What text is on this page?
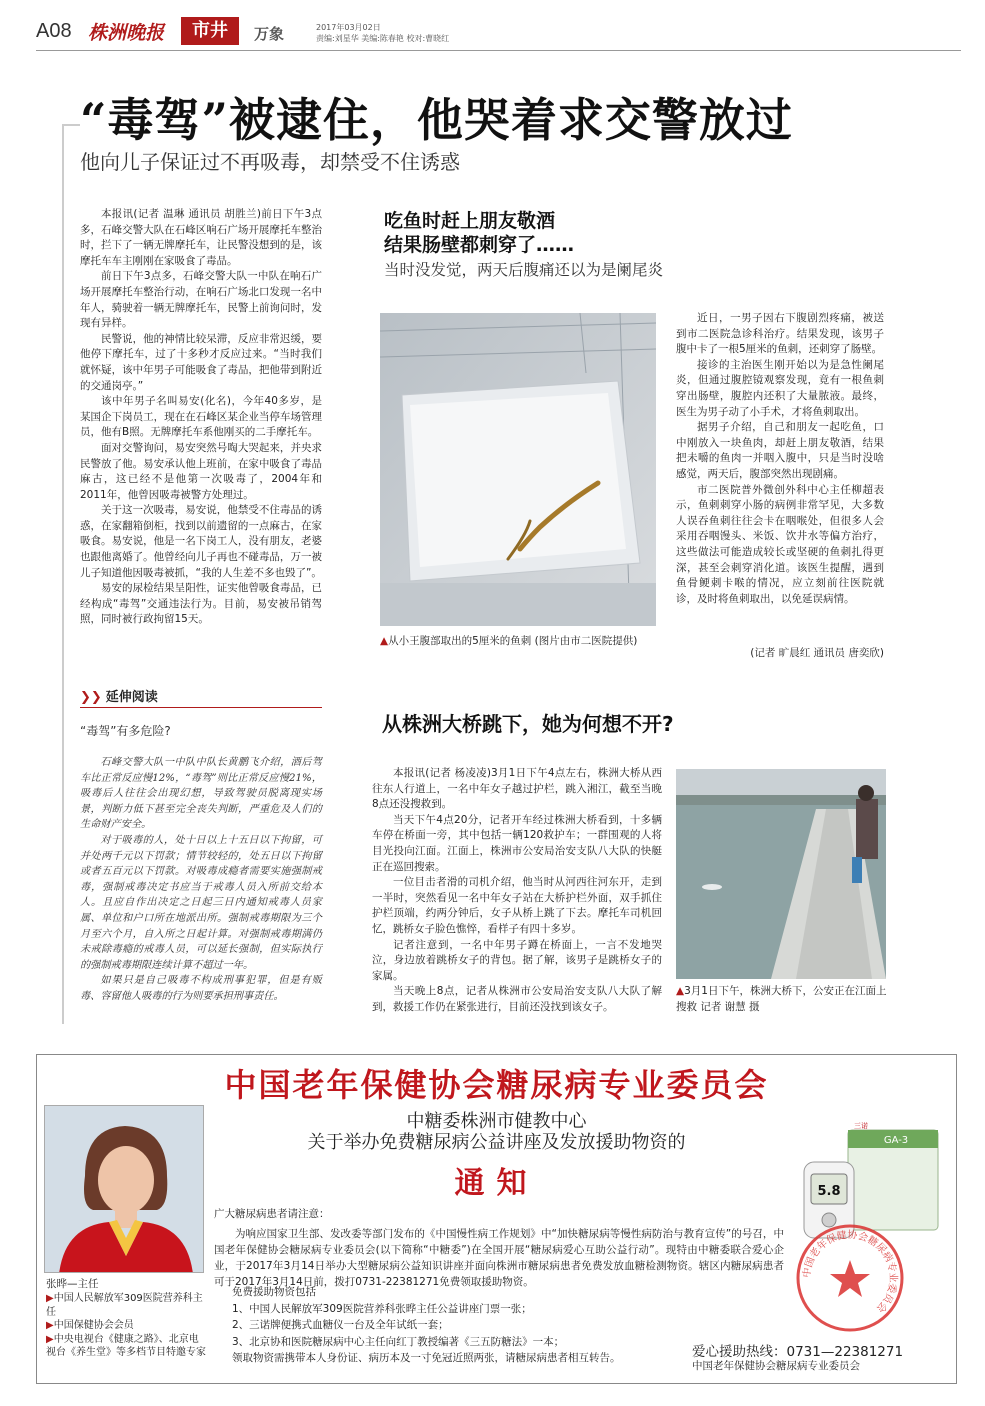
A08 株洲晚报	市井	万象	2017年03月02日
责编:刘星华 美编:陈春艳 校对:曹晓红
“毒驾”被逮住，他哭着求交警放过
他向儿子保证过不再吸毒，却禁受不住诱惑

本报讯(记者 温琳 通讯员 胡胜兰)前日下午3点多，石峰交警大队在石峰区响石广场开展摩托车整治时，拦下了一辆无牌摩托车，让民警没想到的是，该摩托车车主刚刚在家吸食了毒品。

前日下午3点多，石峰交警大队一中队在响石广场开展摩托车整治行动，在响石广场北口发现一名中年人，骑驶着一辆无牌摩托车，民警上前询问时，发现有异样。

民警说，他的神情比较呆滞，反应非常迟缓，要他停下摩托车，过了十多秒才反应过来。“当时我们就怀疑，该中年男子可能吸食了毒品，把他带到附近的交通岗亭。”

该中年男子名叫易安(化名)，今年40多岁，是某国企下岗员工，现在在石峰区某企业当停车场管理员，他有B照。无牌摩托车系他刚买的二手摩托车。

面对交警询问，易安突然号啕大哭起来，并央求民警放了他。易安承认他上班前，在家中吸食了毒品麻古，这已经不是他第一次吸毒了，2004年和2011年，他曾因吸毒被警方处理过。

关于这一次吸毒，易安说，他禁受不住毒品的诱惑，在家翻箱倒柜，找到以前遗留的一点麻古，在家吸食。易安说，他是一名下岗工人，没有朋友，老婆也跟他离婚了。他曾经向儿子再也不碰毒品，万一被儿子知道他因吸毒被抓，“我的人生差不多也毁了”。

易安的尿检结果呈阳性，证实他曾吸食毒品，已经构成“毒驾”交通违法行为。目前，易安被吊销驾照，同时被行政拘留15天。

❯❯ 延伸阅读
“毒驾”有多危险?

石峰交警大队一中队中队长黄鹏飞介绍，酒后驾车比正常反应慢12%，“毒驾”则比正常反应慢21%，吸毒后人往往会出现幻想，导致驾驶员脱离现实场景，判断力低下甚至完全丧失判断，严重危及人们的生命财产安全。

对于吸毒的人，处十日以上十五日以下拘留，可并处两千元以下罚款；情节较轻的，处五日以下拘留或者五百元以下罚款。对吸毒成瘾者需要实施强制戒毒，强制戒毒决定书应当于戒毒人员入所前交给本人。且应自作出决定之日起三日内通知戒毒人员家属、单位和户口所在地派出所。强制戒毒期限为三个月至六个月，自入所之日起计算。对强制戒毒期满仍未戒除毒瘾的戒毒人员，可以延长强制，但实际执行的强制戒毒期限连续计算不超过一年。

如果只是自己吸毒不构成刑事犯罪，但是有贩毒、容留他人吸毒的行为则要承担刑事责任。

吃鱼时赶上朋友敬酒
结果肠壁都刺穿了……
当时没发觉，两天后腹痛还以为是阑尾炎
▲从小王腹部取出的5厘米的鱼刺 (图片由市二医院提供)

近日，一男子因右下腹剧烈疼痛，被送到市二医院急诊科治疗。结果发现，该男子腹中卡了一根5厘米的鱼刺，还刺穿了肠壁。

接诊的主治医生刚开始以为是急性阑尾炎，但通过腹腔镜观察发现，竟有一根鱼刺穿出肠壁，腹腔内还积了大量脓液。最终，医生为男子动了小手术，才将鱼刺取出。

据男子介绍，自己和朋友一起吃鱼，口中刚放入一块鱼肉，却赶上朋友敬酒，结果把未嚼的鱼肉一并咽入腹中，只是当时没啥感觉，两天后，腹部突然出现剧痛。

市二医院普外微创外科中心主任柳超表示，鱼刺刺穿小肠的病例非常罕见，大多数人误吞鱼刺往往会卡在咽喉处，但很多人会采用吞咽馒头、米饭、饮井水等偏方治疗，这些做法可能造成较长或坚硬的鱼刺扎得更深，甚至会刺穿消化道。该医生提醒，遇到鱼骨鲠刺卡喉的情况，应立刻前往医院就诊，及时将鱼刺取出，以免延误病情。

(记者 旷晨红 通讯员 唐奕欣)
从株洲大桥跳下，她为何想不开?

本报讯(记者 杨凌凌)3月1日下午4点左右，株洲大桥从西往东人行道上，一名中年女子越过护栏，跳入湘江，截至当晚8点还没搜救到。

当天下午4点20分，记者开车经过株洲大桥看到，十多辆车停在桥面一旁，其中包括一辆120救护车；一群围观的人将目光投向江面。江面上，株洲市公安局治安支队八大队的快艇正在巡回搜索。

一位目击者滑的司机介绍，他当时从河西往河东开，走到一半时，突然看见一名中年女子站在大桥护栏外面，双手抓住护栏顶端，约两分钟后，女子从桥上跳了下去。摩托车司机回忆，跳桥女子脸色憔悴，看样子有四十多岁。

记者注意到，一名中年男子蹲在桥面上，一言不发地哭泣，身边放着跳桥女子的背包。据了解，该男子是跳桥女子的家属。

当天晚上8点，记者从株洲市公安局治安支队八大队了解到，救援工作仍在紧张进行，目前还没找到该女子。

▲3月1日下午，株洲大桥下，公安正在江面上搜救 记者 谢慧 摄
中国老年保健协会糖尿病专业委员会
中糖委株洲市健教中心
关于举办免费糖尿病公益讲座及发放援助物资的
通知
广大糖尿病患者请注意：

为响应国家卫生部、发改委等部门发布的《中国慢性病工作规划》中“加快糖尿病等慢性病防治与教育宣传”的号召，中国老年保健协会糖尿病专业委员会(以下简称“中糖委”)在全国开展“糖尿病爱心互助公益行动”。现特由中糖委联合爱心企业，于2017年3月14日举办大型糖尿病公益知识讲座并面向株洲市糖尿病患者免费发放血糖检测物资。辖区内糖尿病患者可于2017年3月14日前，拨打0731-22381271免费领取援助物资。

免费援助物资包括
1、中国人民解放军309医院营养科张晔主任公益讲座门票一张；
2、三诺牌便携式血糖仪一台及全年试纸一套；
3、北京协和医院糖尿病中心主任向红丁教授编著《三五防糖法》一本；
领取物资需携带本人身份证、病历本及一寸免冠近照两张，请糖尿病患者相互转告。
张晔—主任
▶中国人民解放军309医院营养科主任
▶中国保健协会会员
▶中央电视台《健康之路》、北京电视台《养生堂》等多档节目特邀专家
GA-3
三诺
5.8
中国老年保健协会糖尿病专业委员会
爱心援助热线：0731—22381271
中国老年保健协会糖尿病专业委员会
